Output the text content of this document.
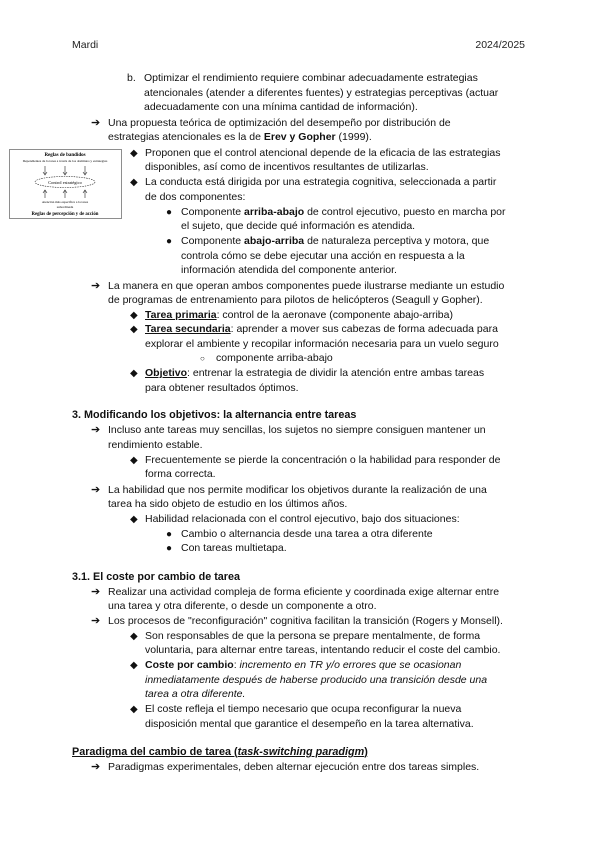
Mardi	2024/2025
b. Optimizar el rendimiento requiere combinar adecuadamente estrategias
atencionales (atender a diferentes fuentes) y estrategias perceptivas (actuar
adecuadamente con una mínima cantidad de información).
➔ Una propuesta teórica de optimización del desempeño por distribución de
estrategias atencionales es la de Erev y Gopher (1999).
Reglas de bandidos
Dependientes de la tarea a través de los dominios y estrategias
Control estratégico
Atención más específica a la tarea
subordinada
Reglas de percepción y de acción
◆ Proponen que el control atencional depende de la eficacia de las estrategias
disponibles, así como de incentivos resultantes de utilizarlas.
◆ La conducta está dirigida por una estrategia cognitiva, seleccionada a partir
de dos componentes:
● Componente arriba-abajo de control ejecutivo, puesto en marcha por
el sujeto, que decide qué información es atendida.
● Componente abajo-arriba de naturaleza perceptiva y motora, que
controla cómo se debe ejecutar una acción en respuesta a la
información atendida del componente anterior.
➔ La manera en que operan ambos componentes puede ilustrarse mediante un estudio
de programas de entrenamiento para pilotos de helicópteros (Seagull y Gopher).
◆ Tarea primaria: control de la aeronave (componente abajo-arriba)
◆ Tarea secundaria: aprender a mover sus cabezas de forma adecuada para
explorar el ambiente y recopilar información necesaria para un vuelo seguro
○ componente arriba-abajo
◆ Objetivo: entrenar la estrategia de dividir la atención entre ambas tareas
para obtener resultados óptimos.
3. Modificando los objetivos: la alternancia entre tareas
➔ Incluso ante tareas muy sencillas, los sujetos no siempre consiguen mantener un
rendimiento estable.
◆ Frecuentemente se pierde la concentración o la habilidad para responder de
forma correcta.
➔ La habilidad que nos permite modificar los objetivos durante la realización de una
tarea ha sido objeto de estudio en los últimos años.
◆ Habilidad relacionada con el control ejecutivo, bajo dos situaciones:
● Cambio o alternancia desde una tarea a otra diferente
● Con tareas multietapa.
3.1. El coste por cambio de tarea
➔ Realizar una actividad compleja de forma eficiente y coordinada exige alternar entre
una tarea y otra diferente, o desde un componente a otro.
➔ Los procesos de "reconfiguración" cognitiva facilitan la transición (Rogers y Monsell).
◆ Son responsables de que la persona se prepare mentalmente, de forma
voluntaria, para alternar entre tareas, intentando reducir el coste del cambio.
◆ Coste por cambio: incremento en TR y/o errores que se ocasionan
inmediatamente después de haberse producido una transición desde una
tarea a otra diferente.
◆ El coste refleja el tiempo necesario que ocupa reconfigurar la nueva
disposición mental que garantice el desempeño en la tarea alternativa.
Paradigma del cambio de tarea (task-switching paradigm)
➔ Paradigmas experimentales, deben alternar ejecución entre dos tareas simples.
